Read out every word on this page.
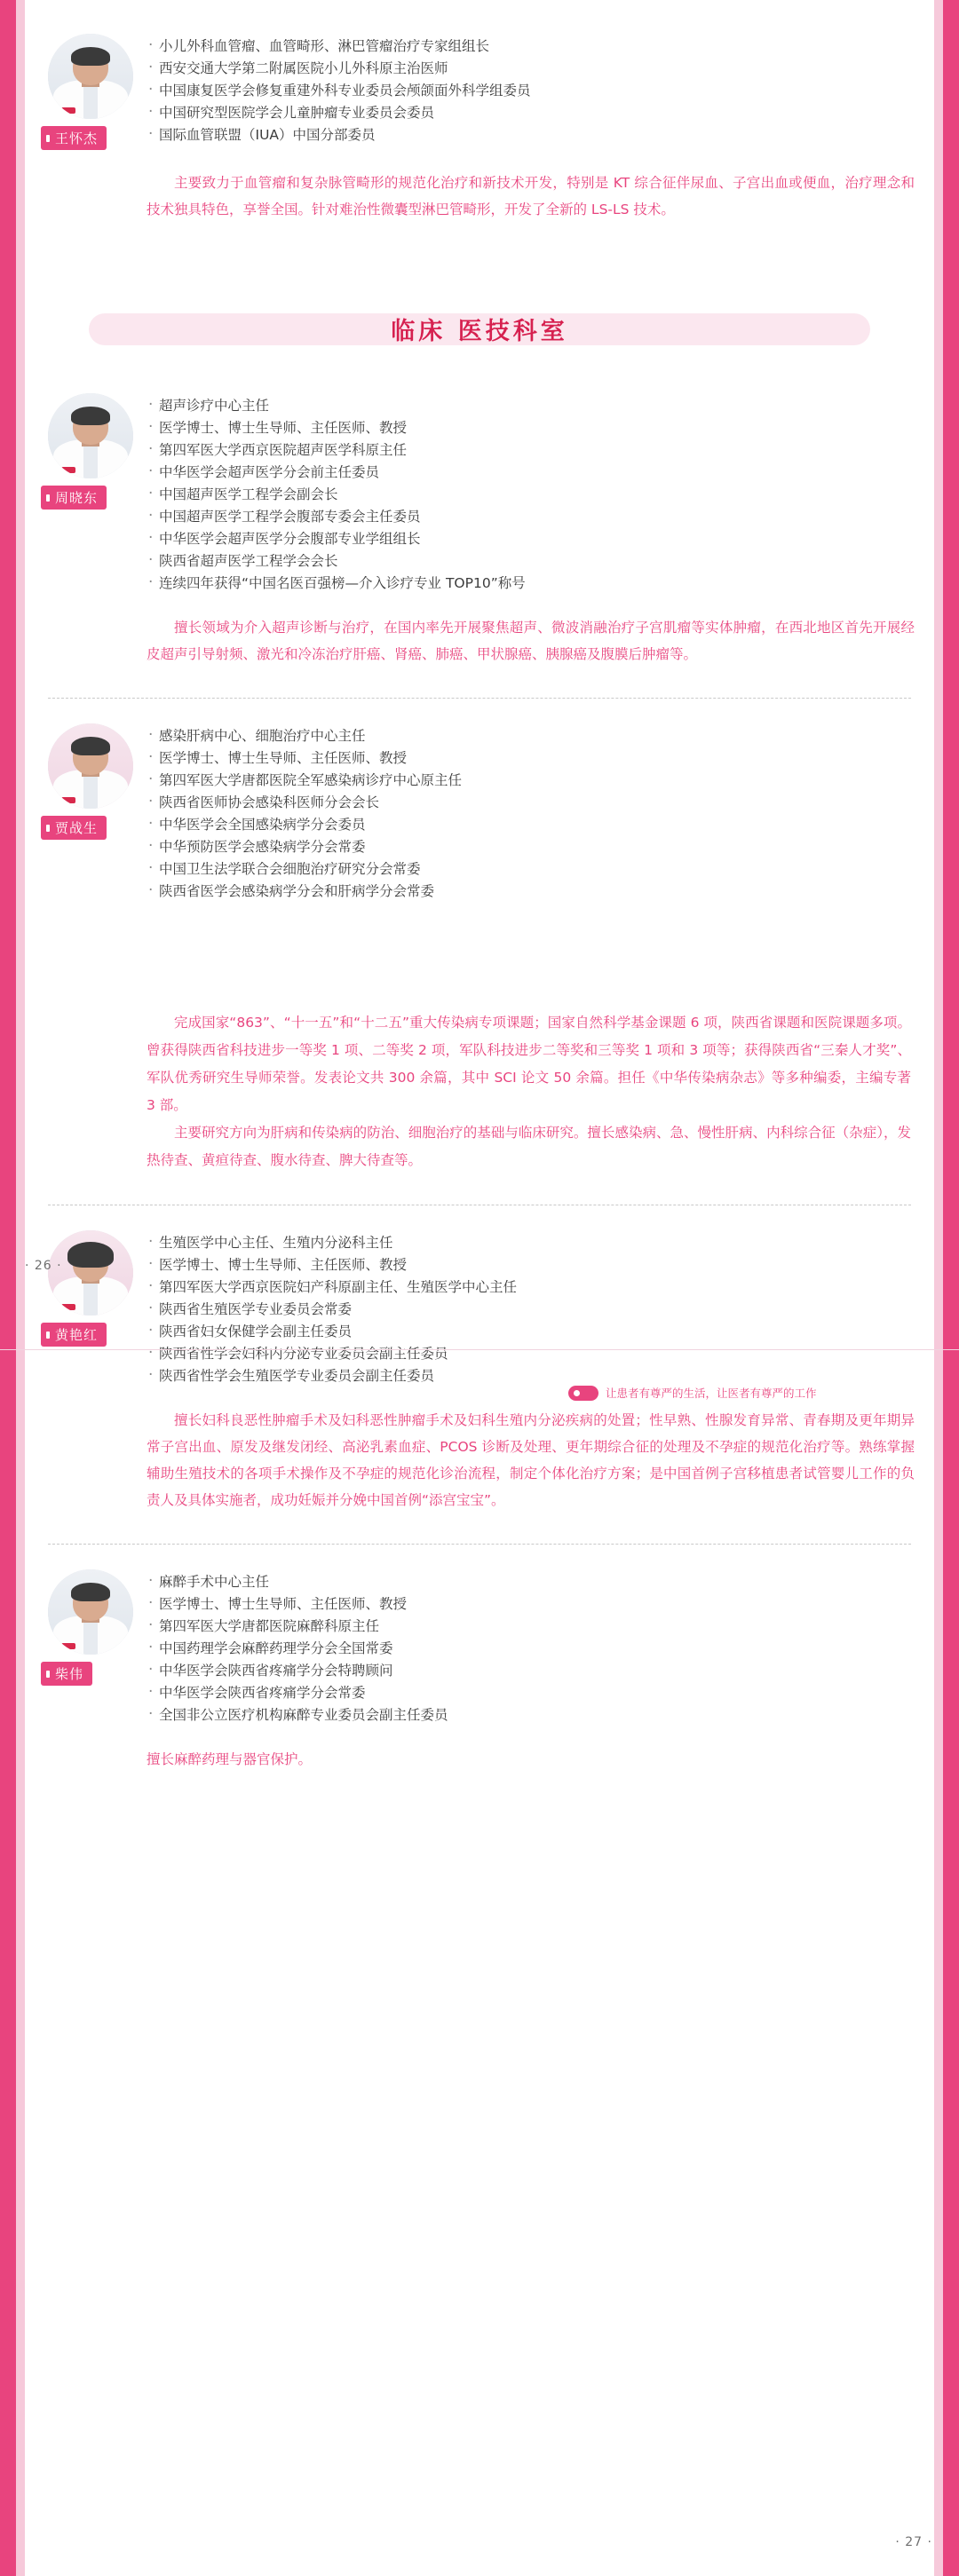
王怀杰
· 小儿外科血管瘤、血管畸形、淋巴管瘤治疗专家组组长
· 西安交通大学第二附属医院小儿外科原主治医师
· 中国康复医学会修复重建外科专业委员会颅颌面外科学组委员
· 中国研究型医院学会儿童肿瘤专业委员会委员
· 国际血管联盟（IUA）中国分部委员
主要致力于血管瘤和复杂脉管畸形的规范化治疗和新技术开发，特别是 KT 综合征伴尿血、子宫出血或便血，治疗理念和技术独具特色，享誉全国。针对难治性微囊型淋巴管畸形，开发了全新的 LS-LS 技术。
临床 医技科室
周晓东
· 超声诊疗中心主任
· 医学博士、博士生导师、主任医师、教授
· 第四军医大学西京医院超声医学科原主任
· 中华医学会超声医学分会前主任委员
· 中国超声医学工程学会副会长
· 中国超声医学工程学会腹部专委会主任委员
· 中华医学会超声医学分会腹部专业学组组长
· 陕西省超声医学工程学会会长
· 连续四年获得“中国名医百强榜—介入诊疗专业 TOP10”称号
擅长领域为介入超声诊断与治疗，在国内率先开展聚焦超声、微波消融治疗子宫肌瘤等实体肿瘤，在西北地区首先开展经皮超声引导射频、激光和冷冻治疗肝癌、肾癌、肺癌、甲状腺癌、胰腺癌及腹膜后肿瘤等。
贾战生
· 感染肝病中心、细胞治疗中心主任
· 医学博士、博士生导师、主任医师、教授
· 第四军医大学唐都医院全军感染病诊疗中心原主任
· 陕西省医师协会感染科医师分会会长
· 中华医学会全国感染病学分会委员
· 中华预防医学会感染病学分会常委
· 中国卫生法学联合会细胞治疗研究分会常委
· 陕西省医学会感染病学分会和肝病学分会常委

完成国家“863”、“十一五”和“十二五”重大传染病专项课题；国家自然科学基金课题 6 项，陕西省课题和医院课题多项。曾获得陕西省科技进步一等奖 1 项、二等奖 2 项，军队科技进步二等奖和三等奖 1 项和 3 项等；获得陕西省“三秦人才奖”、军队优秀研究生导师荣誉。发表论文共 300 余篇，其中 SCI 论文 50 余篇。担任《中华传染病杂志》等多种编委，主编专著 3 部。

主要研究方向为肝病和传染病的防治、细胞治疗的基础与临床研究。擅长感染病、急、慢性肝病、内科综合征（杂症），发热待查、黄疸待查、腹水待查、脾大待查等。

黄艳红
· 生殖医学中心主任、生殖内分泌科主任
· 医学博士、博士生导师、主任医师、教授
· 第四军医大学西京医院妇产科原副主任、生殖医学中心主任
· 陕西省生殖医学专业委员会常委
· 陕西省妇女保健学会副主任委员
· 陕西省性学会妇科内分泌专业委员会副主任委员
· 陕西省性学会生殖医学专业委员会副主任委员
擅长妇科良恶性肿瘤手术及妇科恶性肿瘤手术及妇科生殖内分泌疾病的处置；性早熟、性腺发育异常、青春期及更年期异常子宫出血、原发及继发闭经、高泌乳素血症、PCOS 诊断及处理、更年期综合征的处理及不孕症的规范化治疗等。熟练掌握辅助生殖技术的各项手术操作及不孕症的规范化诊治流程，制定个体化治疗方案；是中国首例子宫移植患者试管婴儿工作的负责人及具体实施者，成功妊娠并分娩中国首例“添宫宝宝”。
柴伟
· 麻醉手术中心主任
· 医学博士、博士生导师、主任医师、教授
· 第四军医大学唐都医院麻醉科原主任
· 中国药理学会麻醉药理学分会全国常委
· 中华医学会陕西省疼痛学分会特聘顾问
· 中华医学会陕西省疼痛学分会常委
· 全国非公立医疗机构麻醉专业委员会副主任委员
擅长麻醉药理与器官保护。
· 26 ·
· 27 ·
让患者有尊严的生活，让医者有尊严的工作
